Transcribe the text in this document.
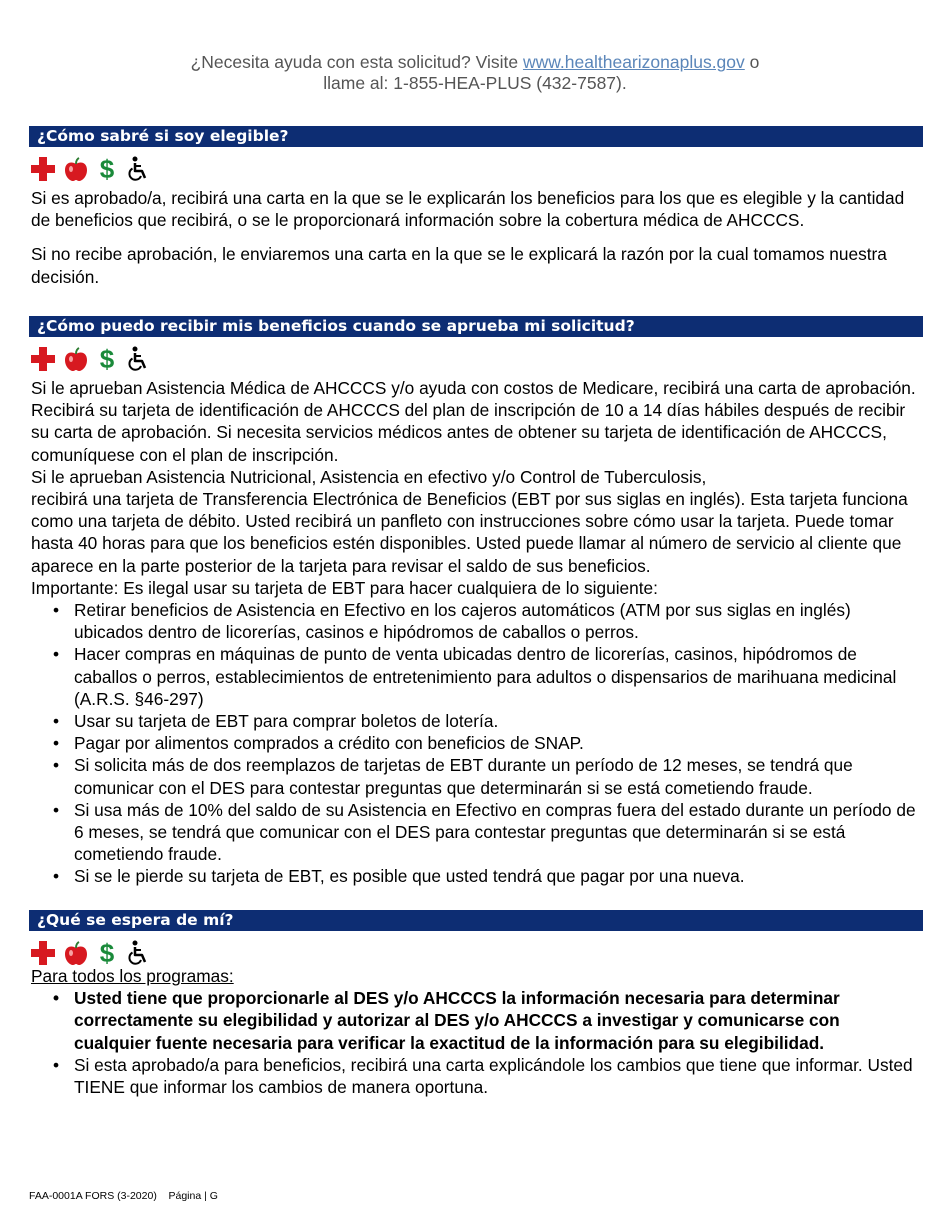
¿Necesita ayuda con esta solicitud? Visite www.healthearizonaplus.gov o
llame al: 1-855-HEA-PLUS (432-7587).
¿Cómo sabré si soy elegible?
$

Si es aprobado/a, recibirá una carta en la que se le explicarán los beneficios para los que es elegible y la cantidad de beneficios que recibirá, o se le proporcionará información sobre la cobertura médica de AHCCCS.

Si no recibe aprobación, le enviaremos una carta en la que se le explicará la razón por la cual tomamos nuestra decisión.

¿Cómo puedo recibir mis beneficios cuando se aprueba mi solicitud?
$

Si le aprueban Asistencia Médica de AHCCCS y/o ayuda con costos de Medicare, recibirá una carta de aprobación. Recibirá su tarjeta de identificación de AHCCCS del plan de inscripción de 10 a 14 días hábiles después de recibir su carta de aprobación. Si necesita servicios médicos antes de obtener su tarjeta de identificación de AHCCCS, comuníquese con el plan de inscripción.

Si le aprueban Asistencia Nutricional, Asistencia en efectivo y/o Control de Tuberculosis,

recibirá una tarjeta de Transferencia Electrónica de Beneficios (EBT por sus siglas en inglés). Esta tarjeta funciona como una tarjeta de débito. Usted recibirá un panfleto con instrucciones sobre cómo usar la tarjeta. Puede tomar hasta 40 horas para que los beneficios estén disponibles. Usted puede llamar al número de servicio al cliente que aparece en la parte posterior de la tarjeta para revisar el saldo de sus beneficios.

Importante: Es ilegal usar su tarjeta de EBT para hacer cualquiera de lo siguiente:

• Retirar beneficios de Asistencia en Efectivo en los cajeros automáticos (ATM por sus siglas en inglés) ubicados dentro de licorerías, casinos e hipódromos de caballos o perros.
• Hacer compras en máquinas de punto de venta ubicadas dentro de licorerías, casinos, hipódromos de caballos o perros, establecimientos de entretenimiento para adultos o dispensarios de marihuana medicinal (A.R.S. §46-297)
• Usar su tarjeta de EBT para comprar boletos de lotería.
• Pagar por alimentos comprados a crédito con beneficios de SNAP.
• Si solicita más de dos reemplazos de tarjetas de EBT durante un período de 12 meses, se tendrá que comunicar con el DES para contestar preguntas que determinarán si se está cometiendo fraude.
• Si usa más de 10% del saldo de su Asistencia en Efectivo en compras fuera del estado durante un período de 6 meses, se tendrá que comunicar con el DES para contestar preguntas que determinarán si se está cometiendo fraude.
• Si se le pierde su tarjeta de EBT, es posible que usted tendrá que pagar por una nueva.
¿Qué se espera de mí?
$

Para todos los programas:

• Usted tiene que proporcionarle al DES y/o AHCCCS la información necesaria para determinar correctamente su elegibilidad y autorizar al DES y/o AHCCCS a investigar y comunicarse con cualquier fuente necesaria para verificar la exactitud de la información para su elegibilidad.
• Si esta aprobado/a para beneficios, recibirá una carta explicándole los cambios que tiene que informar. Usted TIENE que informar los cambios de manera oportuna.
FAA-0001A FORS (3-2020) Página | G
